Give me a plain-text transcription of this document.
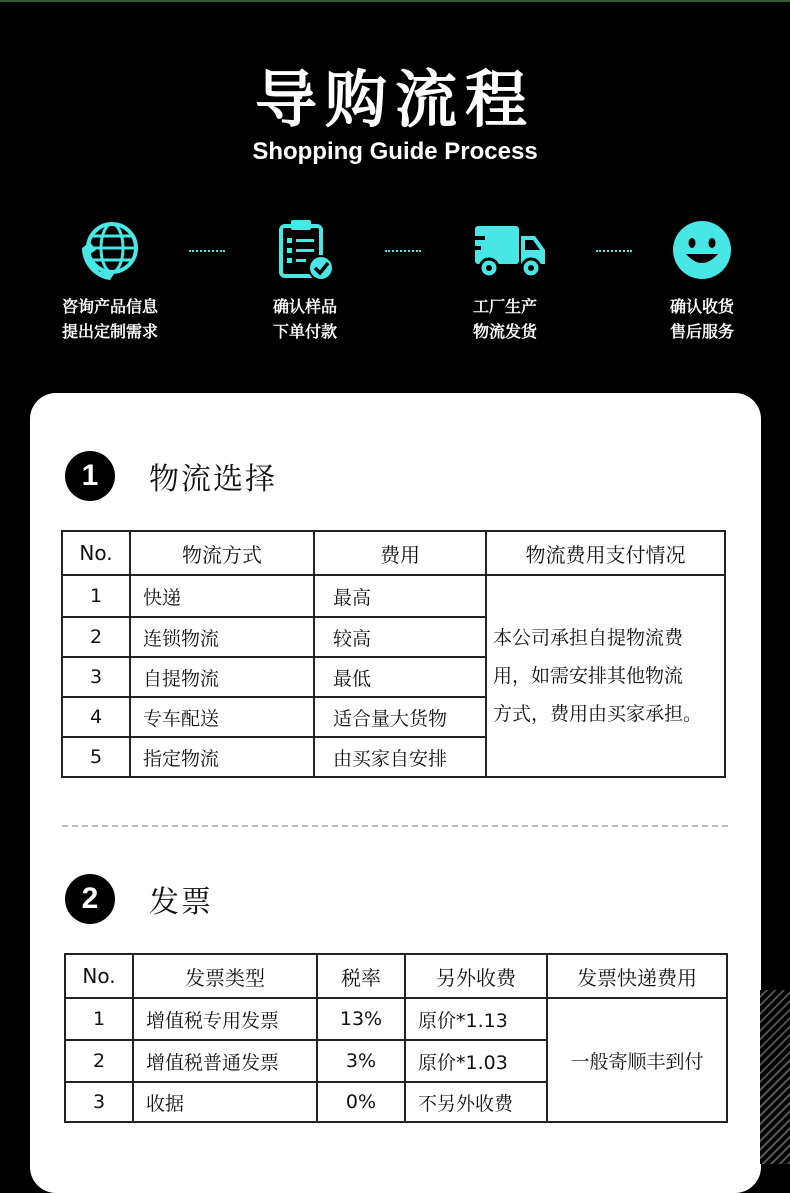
导购流程
Shopping Guide Process
咨询产品信息
提出定制需求
确认样品
下单付款
工厂生产
物流发货
确认收货
售后服务
1	物流选择
No.	物流方式	费用	物流费用支付情况
1	快递	最高	本公司承担自提物流费
用，如需安排其他物流
方式，费用由买家承担。

2	连锁物流	较高	
3	自提物流	最低	
4	专车配送	适合量大货物	
5	指定物流	由买家自安排	
2	发票
No.	发票类型	税率	另外收费	发票快递费用
1	增值税专用发票	13%	原价*1.13	一般寄顺丰到付
2	增值税普通发票	3%	原价*1.03	
3	收据	0%	不另外收费	
